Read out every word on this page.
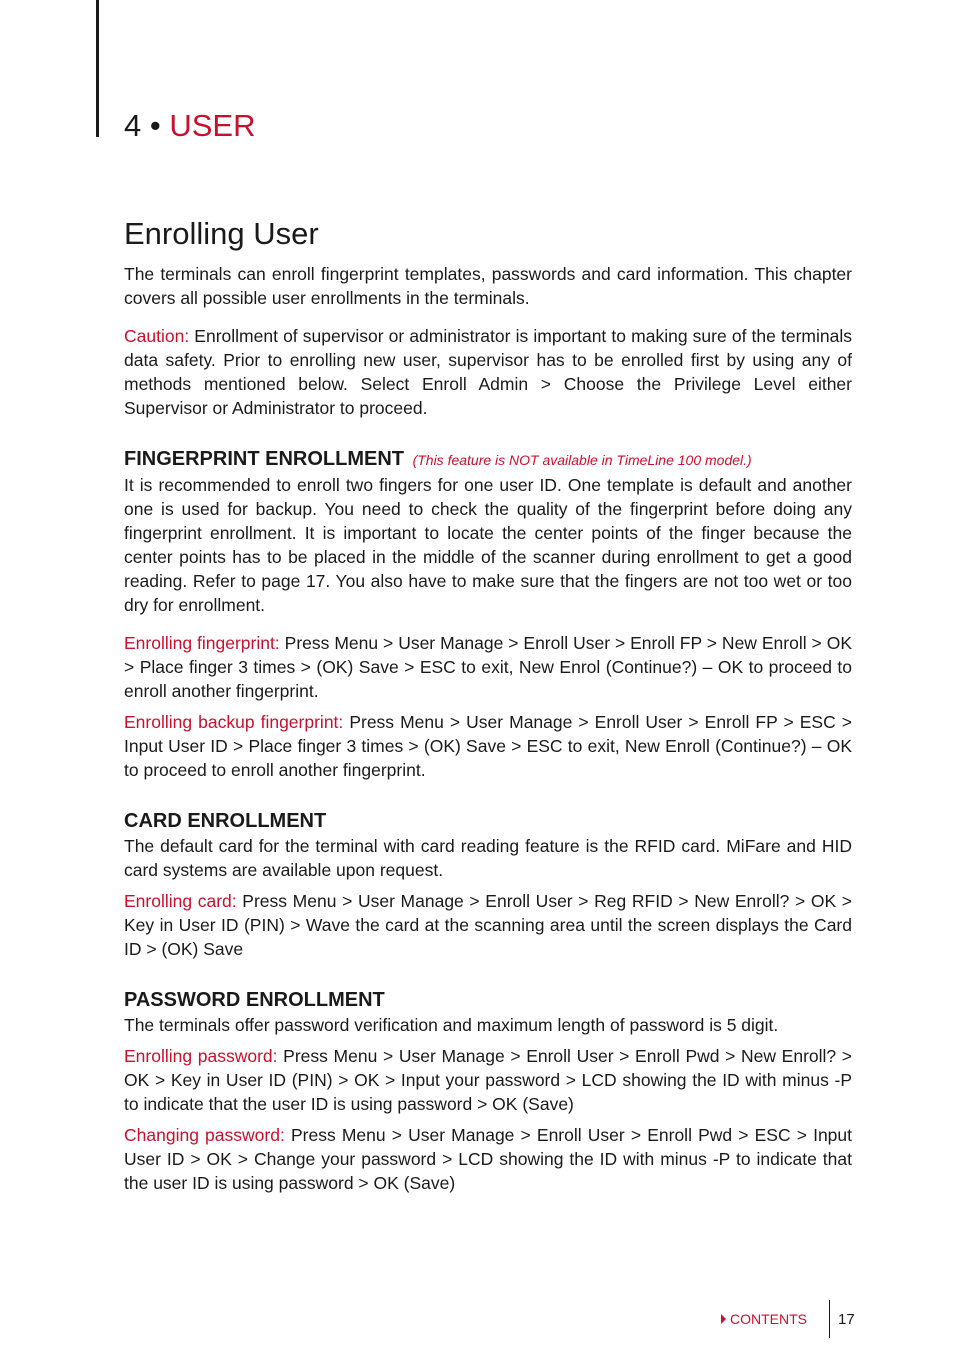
4 • USER
Enrolling User

The terminals can enroll fingerprint templates, passwords and card information. This chapter covers all possible user enrollments in the terminals.

Caution: Enrollment of supervisor or administrator is important to making sure of the terminals data safety. Prior to enrolling new user, supervisor has to be enrolled first by using any of methods mentioned below. Select Enroll Admin > Choose the Privilege Level either Supervisor or Administrator to proceed.

FINGERPRINT ENROLLMENT (This feature is NOT available in TimeLine 100 model.)

It is recommended to enroll two fingers for one user ID. One template is default and another one is used for backup. You need to check the quality of the fingerprint before doing any fingerprint enrollment. It is important to locate the center points of the finger because the center points has to be placed in the middle of the scanner during enrollment to get a good reading. Refer to page 17. You also have to make sure that the fingers are not too wet or too dry for enrollment.

Enrolling fingerprint: Press Menu > User Manage > Enroll User > Enroll FP > New Enroll > OK > Place finger 3 times > (OK) Save > ESC to exit, New Enrol (Continue?) – OK to proceed to enroll another fingerprint.

Enrolling backup fingerprint: Press Menu > User Manage > Enroll User > Enroll FP > ESC > Input User ID > Place finger 3 times > (OK) Save > ESC to exit, New Enroll (Continue?) – OK to proceed to enroll another fingerprint.

CARD ENROLLMENT

The default card for the terminal with card reading feature is the RFID card. MiFare and HID card systems are available upon request.

Enrolling card: Press Menu > User Manage > Enroll User > Reg RFID > New Enroll? > OK > Key in User ID (PIN) > Wave the card at the scanning area until the screen displays the Card ID > (OK) Save

PASSWORD ENROLLMENT

The terminals offer password verification and maximum length of password is 5 digit.

Enrolling password: Press Menu > User Manage > Enroll User > Enroll Pwd > New Enroll? > OK > Key in User ID (PIN) > OK > Input your password > LCD showing the ID with minus -P to indicate that the user ID is using password > OK (Save)

Changing password: Press Menu > User Manage > Enroll User > Enroll Pwd > ESC > Input User ID > OK > Change your password > LCD showing the ID with minus -P to indicate that the user ID is using password > OK (Save)

CONTENTS 17
